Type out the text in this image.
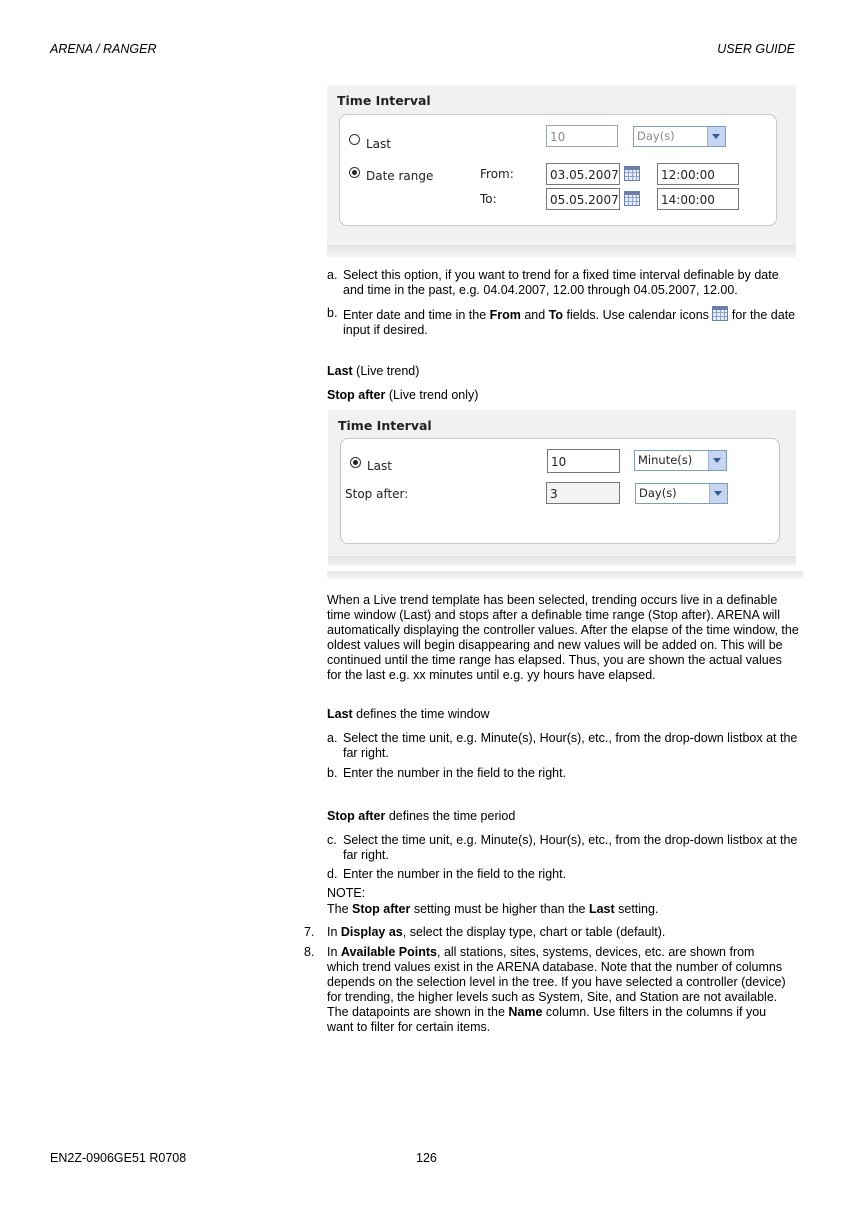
ARENA / RANGER	USER GUIDE
Time Interval
Last	10	Day(s)
Date range	From:	03.05.2007	12:00:00
To:	05.05.2007	14:00:00
a. Select this option, if you want to trend for a fixed time interval definable by date and time in the past, e.g. 04.04.2007, 12.00 through 04.05.2007, 12.00.
b. Enter date and time in the From and To fields. Use calendar icons  for the date input if desired.
Last (Live trend)
Stop after (Live trend only)
Time Interval
Last	10	Minute(s)
Stop after:	3	Day(s)
When a Live trend template has been selected, trending occurs live in a definable time window (Last) and stops after a definable time range (Stop after). ARENA will automatically displaying the controller values. After the elapse of the time window, the oldest values will begin disappearing and new values will be added on. This will be continued until the time range has elapsed. Thus, you are shown the actual values for the last e.g. xx minutes until e.g. yy hours have elapsed.
Last defines the time window
a. Select the time unit, e.g. Minute(s), Hour(s), etc., from the drop-down listbox at the far right.
b. Enter the number in the field to the right.
Stop after defines the time period
c. Select the time unit, e.g. Minute(s), Hour(s), etc., from the drop-down listbox at the far right.
d. Enter the number in the field to the right.
NOTE:
The Stop after setting must be higher than the Last setting.
7. In Display as, select the display type, chart or table (default).
8. In Available Points, all stations, sites, systems, devices, etc. are shown from which trend values exist in the ARENA database. Note that the number of columns depends on the selection level in the tree. If you have selected a controller (device) for trending, the higher levels such as System, Site, and Station are not available. The datapoints are shown in the Name column. Use filters in the columns if you want to filter for certain items.
EN2Z-0906GE51 R0708	126
